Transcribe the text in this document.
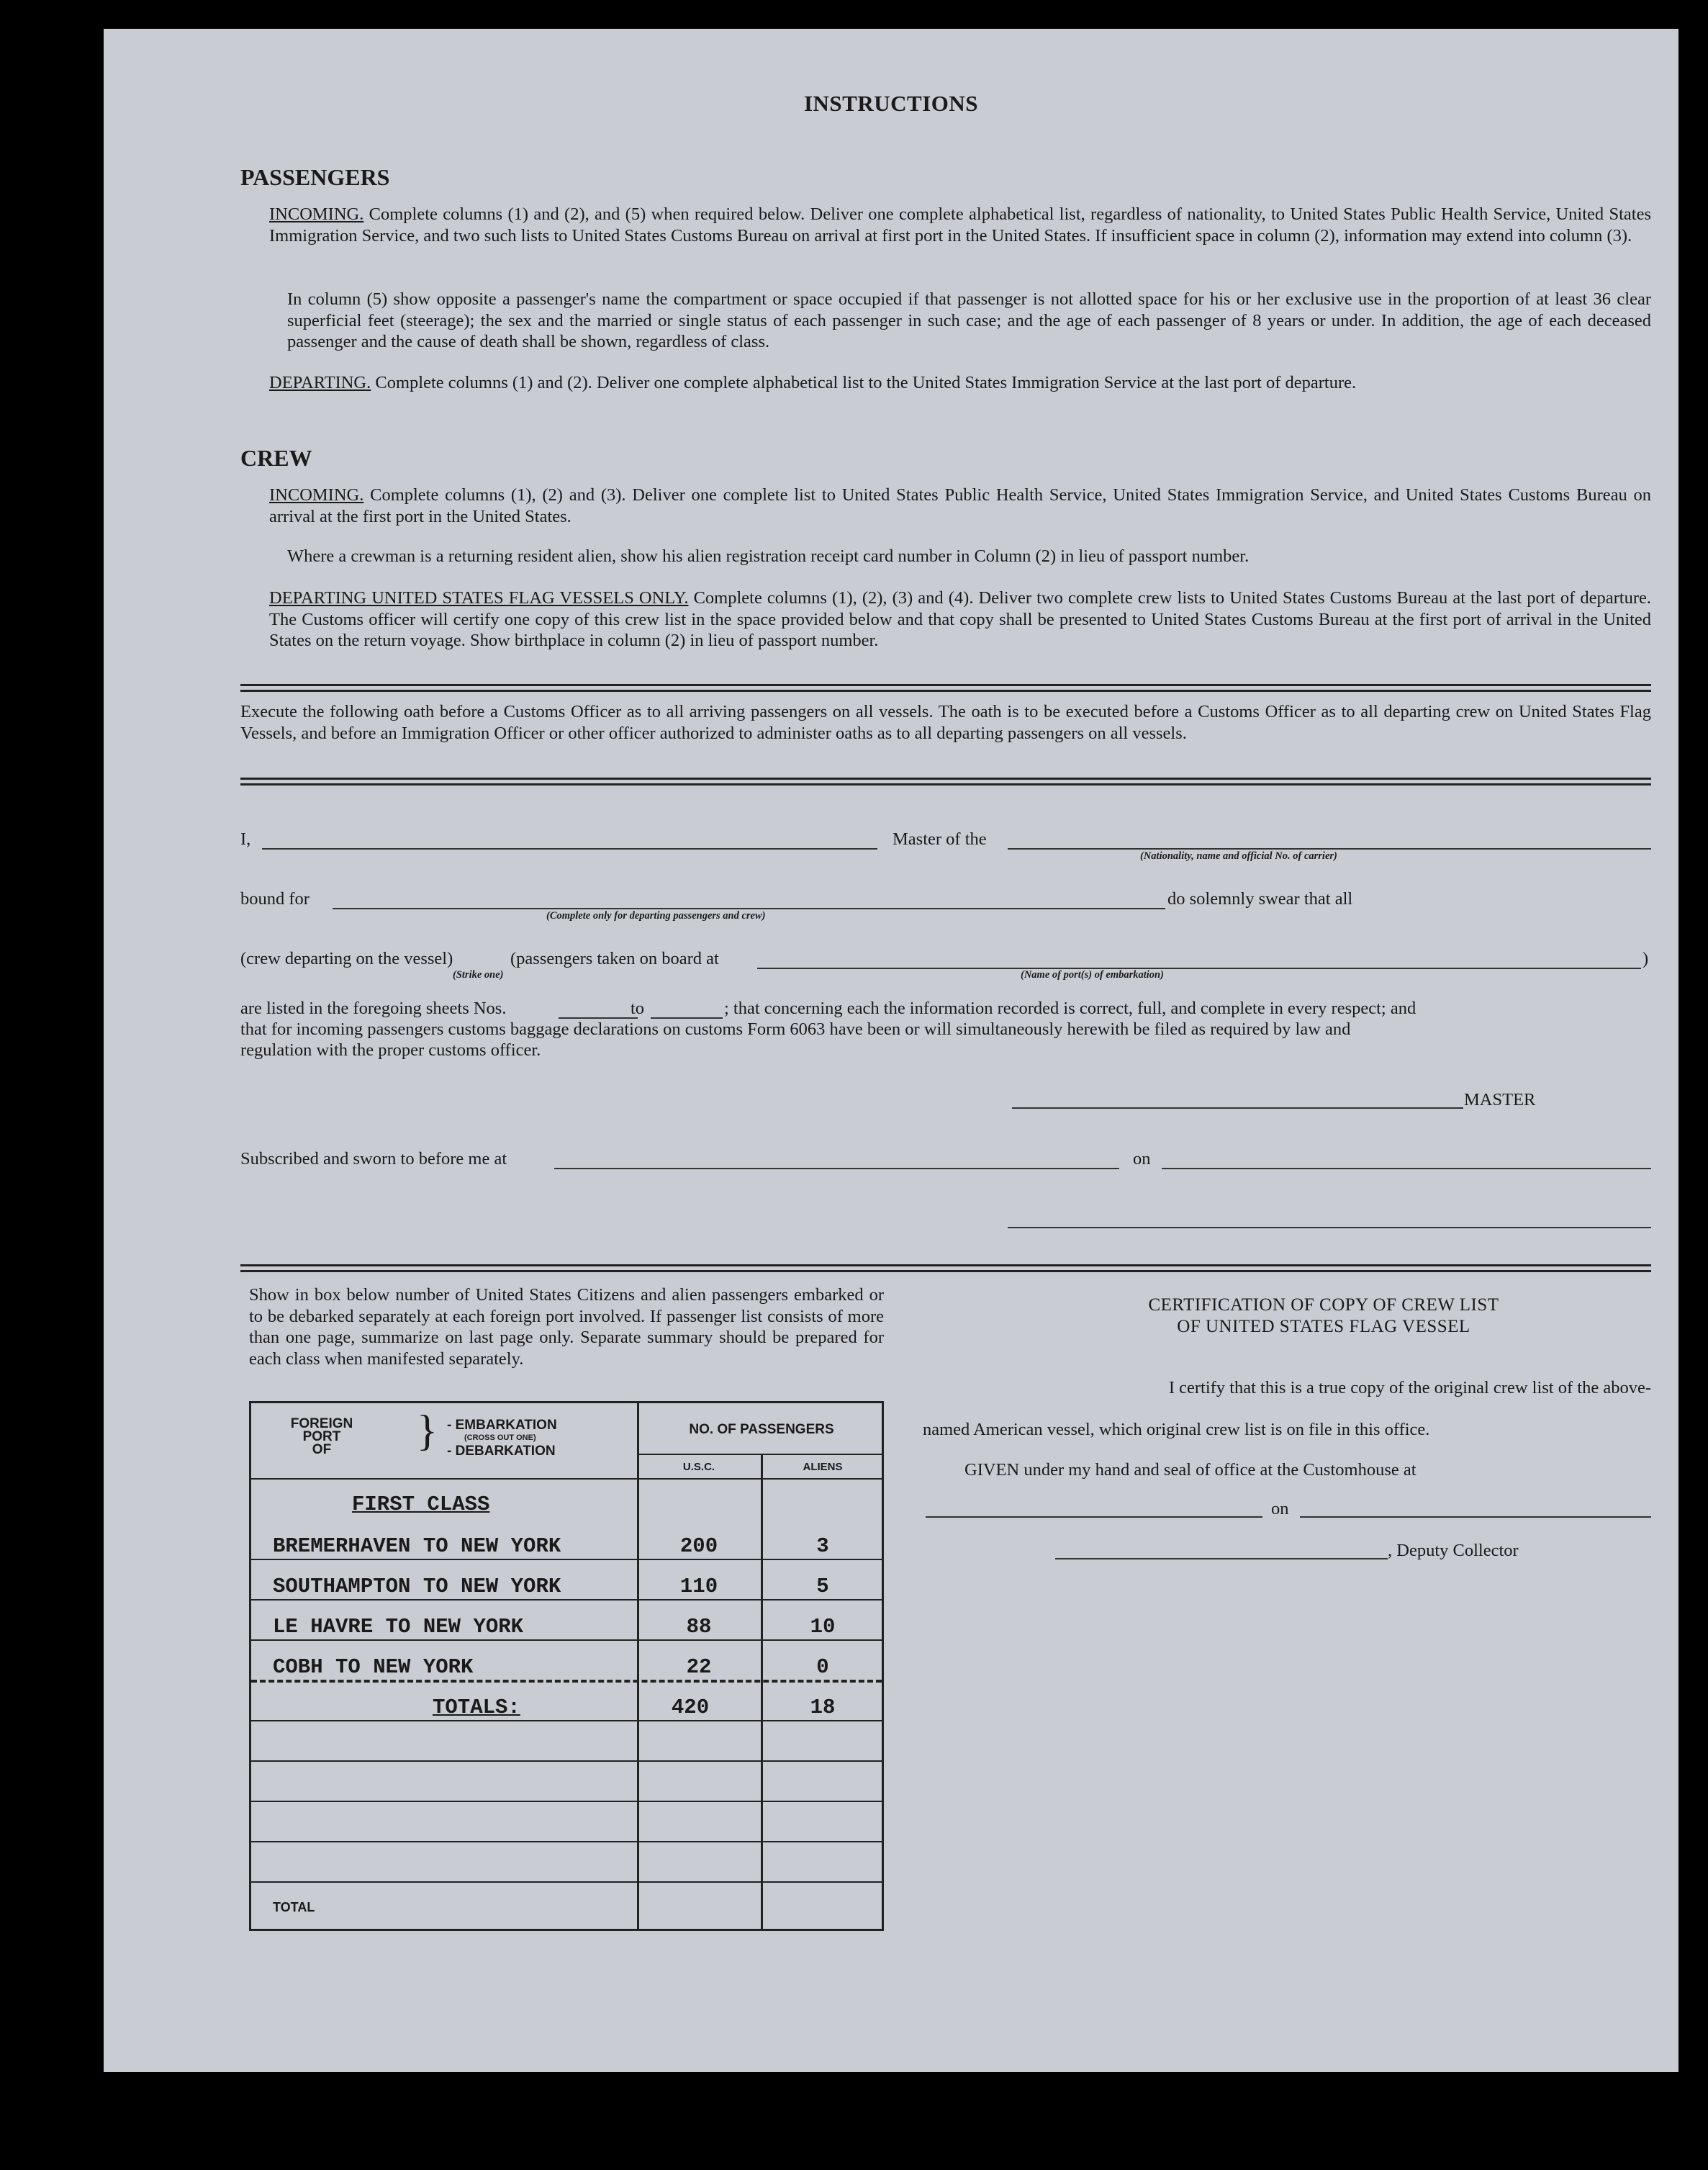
INSTRUCTIONS
PASSENGERS
INCOMING. Complete columns (1) and (2), and (5) when required below. Deliver one complete alphabetical list, regardless of nationality, to United States Public Health Service, United States Immigration Service, and two such lists to United States Customs Bureau on arrival at first port in the United States. If insufficient space in column (2), information may extend into column (3).
In column (5) show opposite a passenger's name the compartment or space occupied if that passenger is not allotted space for his or her exclusive use in the proportion of at least 36 clear superficial feet (steerage); the sex and the married or single status of each passenger in such case; and the age of each passenger of 8 years or under. In addition, the age of each deceased passenger and the cause of death shall be shown, regardless of class.
DEPARTING. Complete columns (1) and (2). Deliver one complete alphabetical list to the United States Immigration Service at the last port of departure.
CREW
INCOMING. Complete columns (1), (2) and (3). Deliver one complete list to United States Public Health Service, United States Immigration Service, and United States Customs Bureau on arrival at the first port in the United States.
Where a crewman is a returning resident alien, show his alien registration receipt card number in Column (2) in lieu of passport number.
DEPARTING UNITED STATES FLAG VESSELS ONLY. Complete columns (1), (2), (3) and (4). Deliver two complete crew lists to United States Customs Bureau at the last port of departure. The Customs officer will certify one copy of this crew list in the space provided below and that copy shall be presented to United States Customs Bureau at the first port of arrival in the United States on the return voyage. Show birthplace in column (2) in lieu of passport number.
Execute the following oath before a Customs Officer as to all arriving passengers on all vessels. The oath is to be executed before a Customs Officer as to all departing crew on United States Flag Vessels, and before an Immigration Officer or other officer authorized to administer oaths as to all departing passengers on all vessels.
I,	Master of the
(Nationality, name and official No. of carrier)
bound for
(Complete only for departing passengers and crew)
do solemnly swear that all
(crew departing on the vessel)	(passengers taken on board at
(Strike one)	(Name of port(s) of embarkation)
)
are listed in the foregoing sheets Nos.	to	; that concerning each the information recorded is correct, full, and complete in every respect; and
that for incoming passengers customs baggage declarations on customs Form 6063 have been or will simultaneously herewith be filed as required by law and
regulation with the proper customs officer.
MASTER
Subscribed and sworn to before me at	on
Show in box below number of United States Citizens and alien passengers embarked or to be debarked separately at each foreign port involved. If passenger list consists of more than one page, summarize on last page only. Separate summary should be prepared for each class when manifested separately.
FOREIGN
PORT
OF	} - EMBARKATION
(CROSS OUT ONE)
- DEBARKATION
NO. OF PASSENGERS
U.S.C.	ALIENS
FIRST CLASS
BREMERHAVEN TO NEW YORK	200	3
SOUTHAMPTON TO NEW YORK	110	5
LE HAVRE TO NEW YORK	88	10
COBH TO NEW YORK	22	0
TOTALS:	420	18
TOTAL
CERTIFICATION OF COPY OF CREW LIST
OF UNITED STATES FLAG VESSEL
I certify that this is a true copy of the original crew list of the above-
named American vessel, which original crew list is on file in this office.
GIVEN under my hand and seal of office at the Customhouse at
on
, Deputy Collector
